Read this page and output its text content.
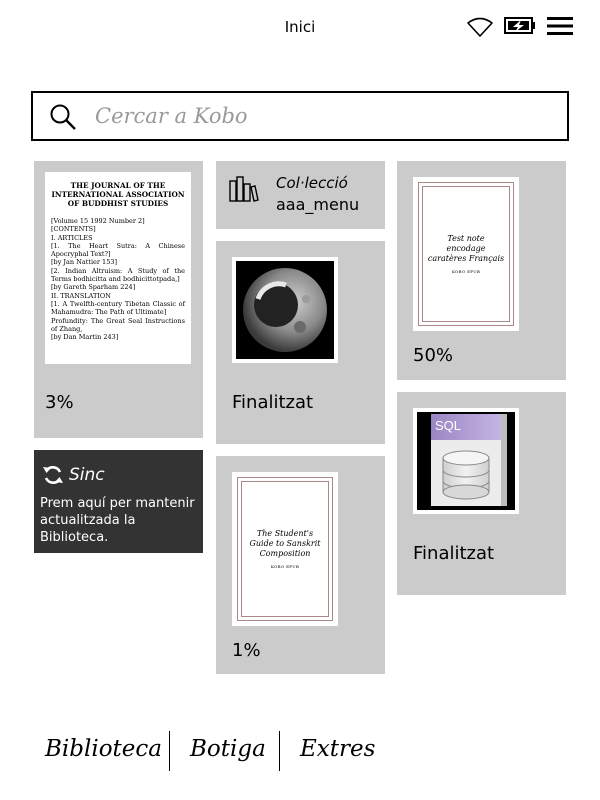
Inici
Cercar a Kobo
THE JOURNAL OF THE INTERNATIONAL ASSOCIATION OF BUDDHIST STUDIES
[Volume 15 1992 Number 2]
[CONTENTS]
I. ARTICLES
[1. The Heart Sutra: A Chinese Apocryphal Text?]
[by Jan Nattier 153]
[2. Indian Altruism: A Study of the Terms bodhicitta and bodhicittotpada,]
[by Gareth Sparham 224]
II. TRANSLATION
[1. A Twelfth-century Tibetan Classic of Mahamudra: The Path of Ultimate]
Profundity: The Great Seal Instructions of Zhang,
[by Dan Martin 243]
3%
Sinc
Prem aquí per mantenir actualitzada la Biblioteca.
Col·lecció
aaa_menu
Finalitzat
The Student's Guide to Sanskrit Composition
KOBO EPUB
1%
Test note encodage caratères Français
KOBO EPUB
50%
SQL
Finalitzat
Biblioteca Botiga Extres
